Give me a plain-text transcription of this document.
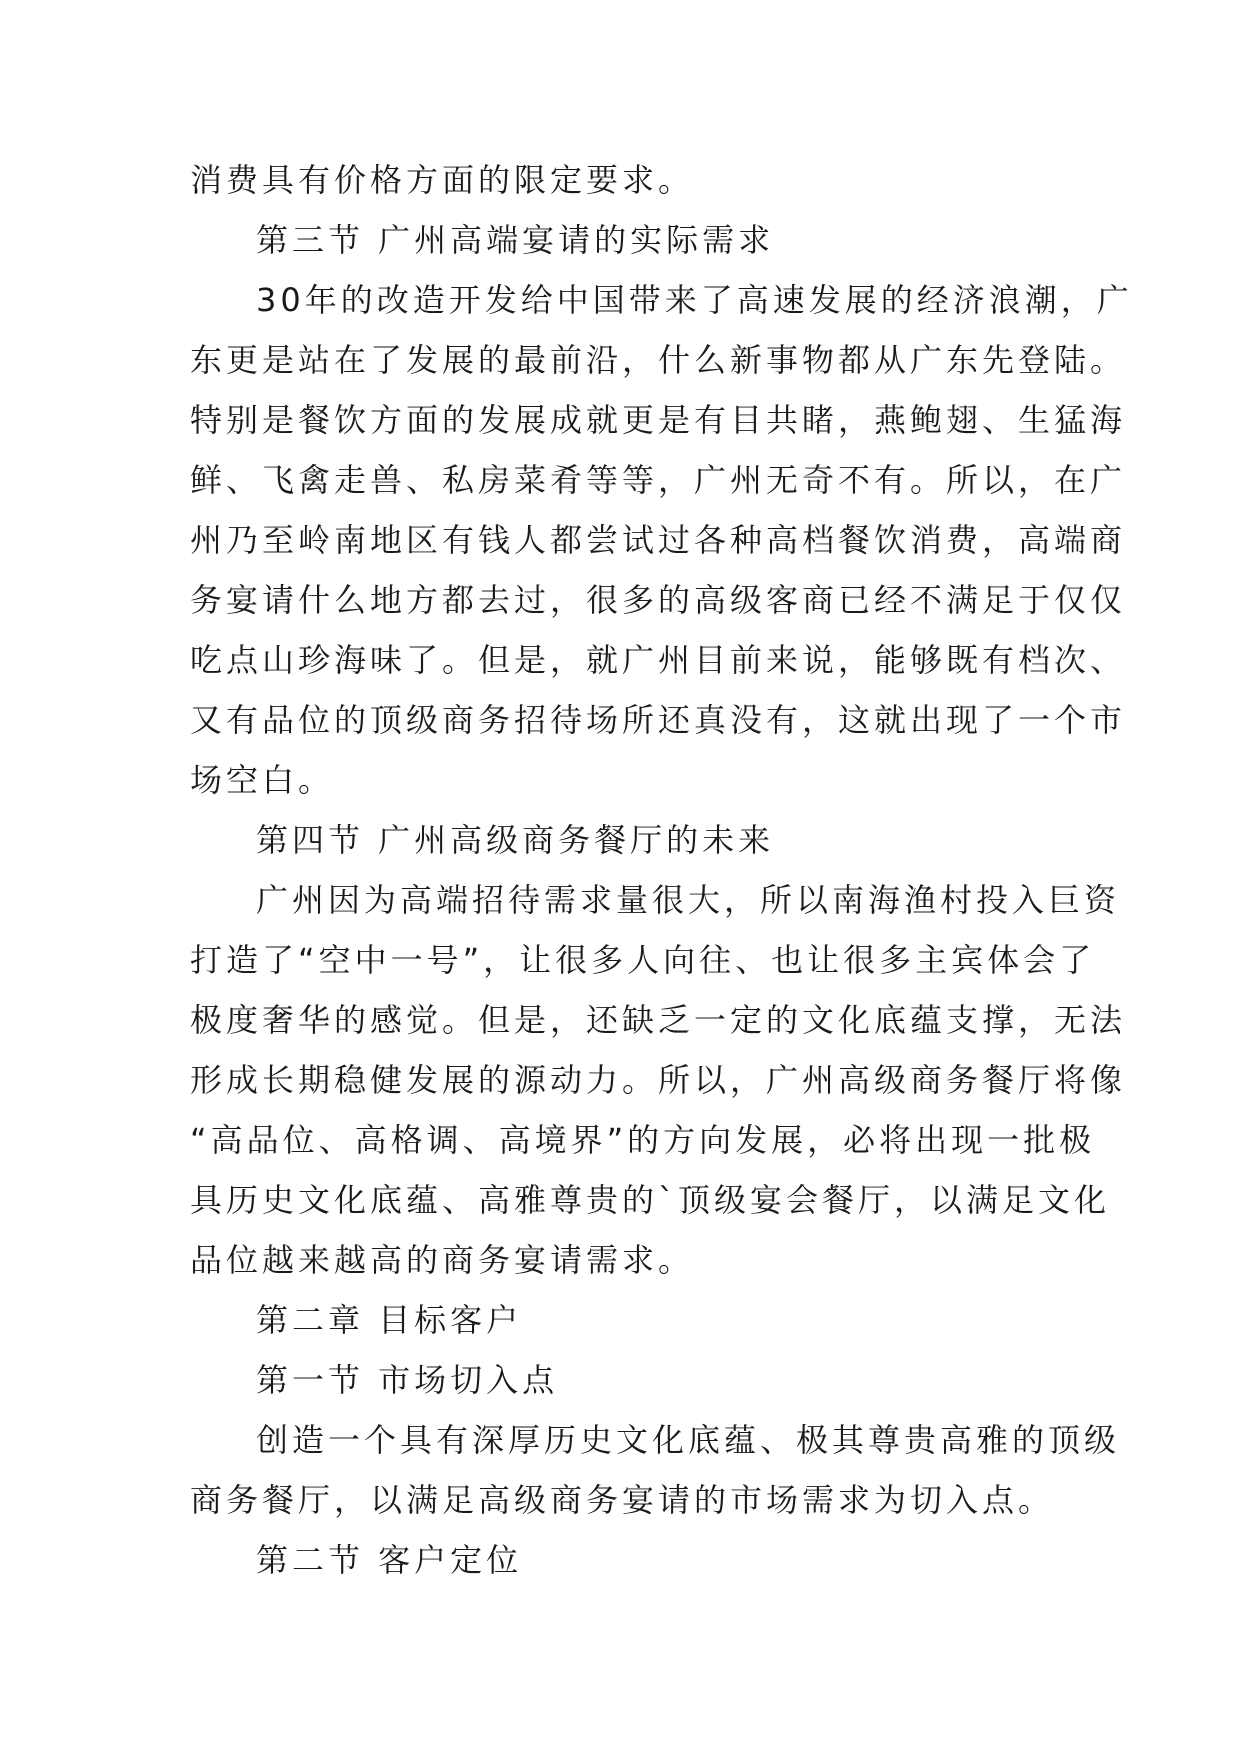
消费具有价格方面的限定要求。
第三节 广州高端宴请的实际需求
30年的改造开发给中国带来了高速发展的经济浪潮，广
东更是站在了发展的最前沿，什么新事物都从广东先登陆。
特别是餐饮方面的发展成就更是有目共睹，燕鲍翅、生猛海
鲜、飞禽走兽、私房菜肴等等，广州无奇不有。所以，在广
州乃至岭南地区有钱人都尝试过各种高档餐饮消费，高端商
务宴请什么地方都去过，很多的高级客商已经不满足于仅仅
吃点山珍海味了。但是，就广州目前来说，能够既有档次、
又有品位的顶级商务招待场所还真没有，这就出现了一个市
场空白。
第四节 广州高级商务餐厅的未来
广州因为高端招待需求量很大，所以南海渔村投入巨资
打造了“空中一号”，让很多人向往、也让很多主宾体会了
极度奢华的感觉。但是，还缺乏一定的文化底蕴支撑，无法
形成长期稳健发展的源动力。所以，广州高级商务餐厅将像
“高品位、高格调、高境界”的方向发展，必将出现一批极
具历史文化底蕴、高雅尊贵的`顶级宴会餐厅，以满足文化
品位越来越高的商务宴请需求。
第二章 目标客户
第一节 市场切入点
创造一个具有深厚历史文化底蕴、极其尊贵高雅的顶级
商务餐厅，以满足高级商务宴请的市场需求为切入点。
第二节 客户定位
